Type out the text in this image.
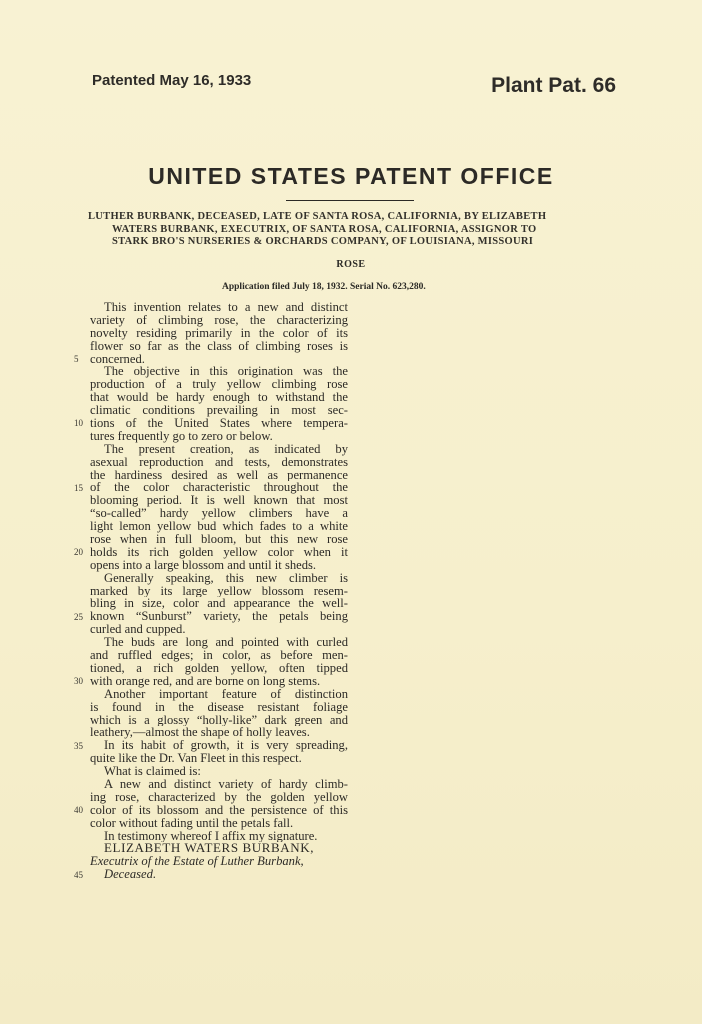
Patented May 16, 1933	Plant Pat. 66
UNITED STATES PATENT OFFICE
LUTHER BURBANK, DECEASED, LATE OF SANTA ROSA, CALIFORNIA, BY ELIZABETH
WATERS BURBANK, EXECUTRIX, OF SANTA ROSA, CALIFORNIA, ASSIGNOR TO
STARK BRO'S NURSERIES & ORCHARDS COMPANY, OF LOUISIANA, MISSOURI
ROSE
Application filed July 18, 1932. Serial No. 623,280.
This invention relates to a new and distinct
variety of climbing rose, the characterizing
novelty residing primarily in the color of its
flower so far as the class of climbing roses is
concerned.
The objective in this origination was the
production of a truly yellow climbing rose
that would be hardy enough to withstand the
climatic conditions prevailing in most sec-
tions of the United States where tempera-
tures frequently go to zero or below.
The present creation, as indicated by
asexual reproduction and tests, demonstrates
the hardiness desired as well as permanence
of the color characteristic throughout the
blooming period. It is well known that most
“so-called” hardy yellow climbers have a
light lemon yellow bud which fades to a white
rose when in full bloom, but this new rose
holds its rich golden yellow color when it
opens into a large blossom and until it sheds.
Generally speaking, this new climber is
marked by its large yellow blossom resem-
bling in size, color and appearance the well-
known “Sunburst” variety, the petals being
curled and cupped.
The buds are long and pointed with curled
and ruffled edges; in color, as before men-
tioned, a rich golden yellow, often tipped
with orange red, and are borne on long stems.
Another important feature of distinction
is found in the disease resistant foliage
which is a glossy “holly-like” dark green and
leathery,—almost the shape of holly leaves.
In its habit of growth, it is very spreading,
quite like the Dr. Van Fleet in this respect.
What is claimed is:
A new and distinct variety of hardy climb-
ing rose, characterized by the golden yellow
color of its blossom and the persistence of this
color without fading until the petals fall.
In testimony whereof I affix my signature.
ELIZABETH WATERS BURBANK,
Executrix of the Estate of Luther Burbank,
Deceased.
5
10
15
20
25
30
35
40
45
